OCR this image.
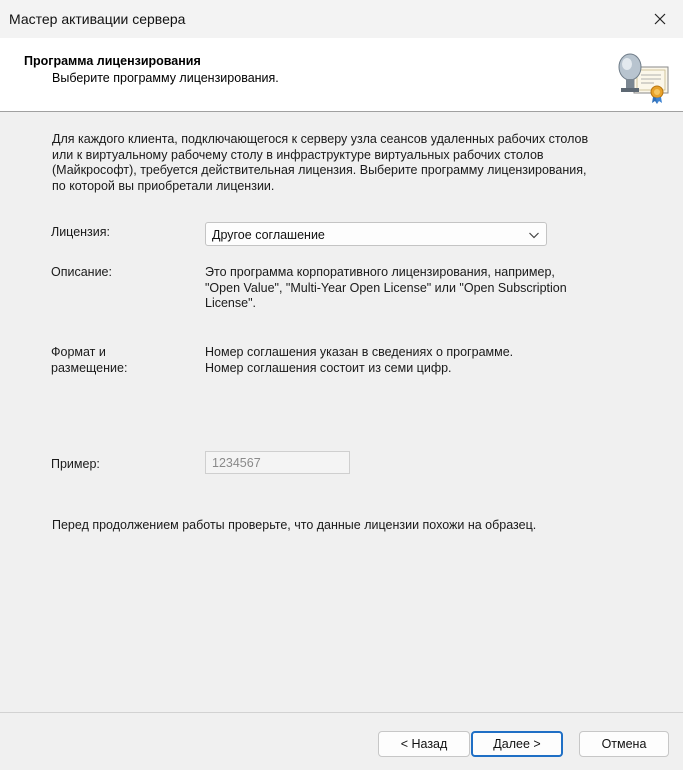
Мастер активации сервера
Программа лицензирования
Выберите программу лицензирования.
Для каждого клиента, подключающегося к серверу узла сеансов удаленных рабочих столов или к виртуальному рабочему столу в инфраструктуре виртуальных рабочих столов (Майкрософт), требуется действительная лицензия. Выберите программу лицензирования, по которой вы приобретали лицензии.
Лицензия:	Другое соглашение
Описание:	Это программа корпоративного лицензирования, например, "Open Value", "Multi-Year Open License" или "Open Subscription License".
Формат и
размещение:
Номер соглашения указан в сведениях о программе.
Номер соглашения состоит из семи цифр.
Пример:	1234567
Перед продолжением работы проверьте, что данные лицензии похожи на образец.
< Назад	Далее >	Отмена
